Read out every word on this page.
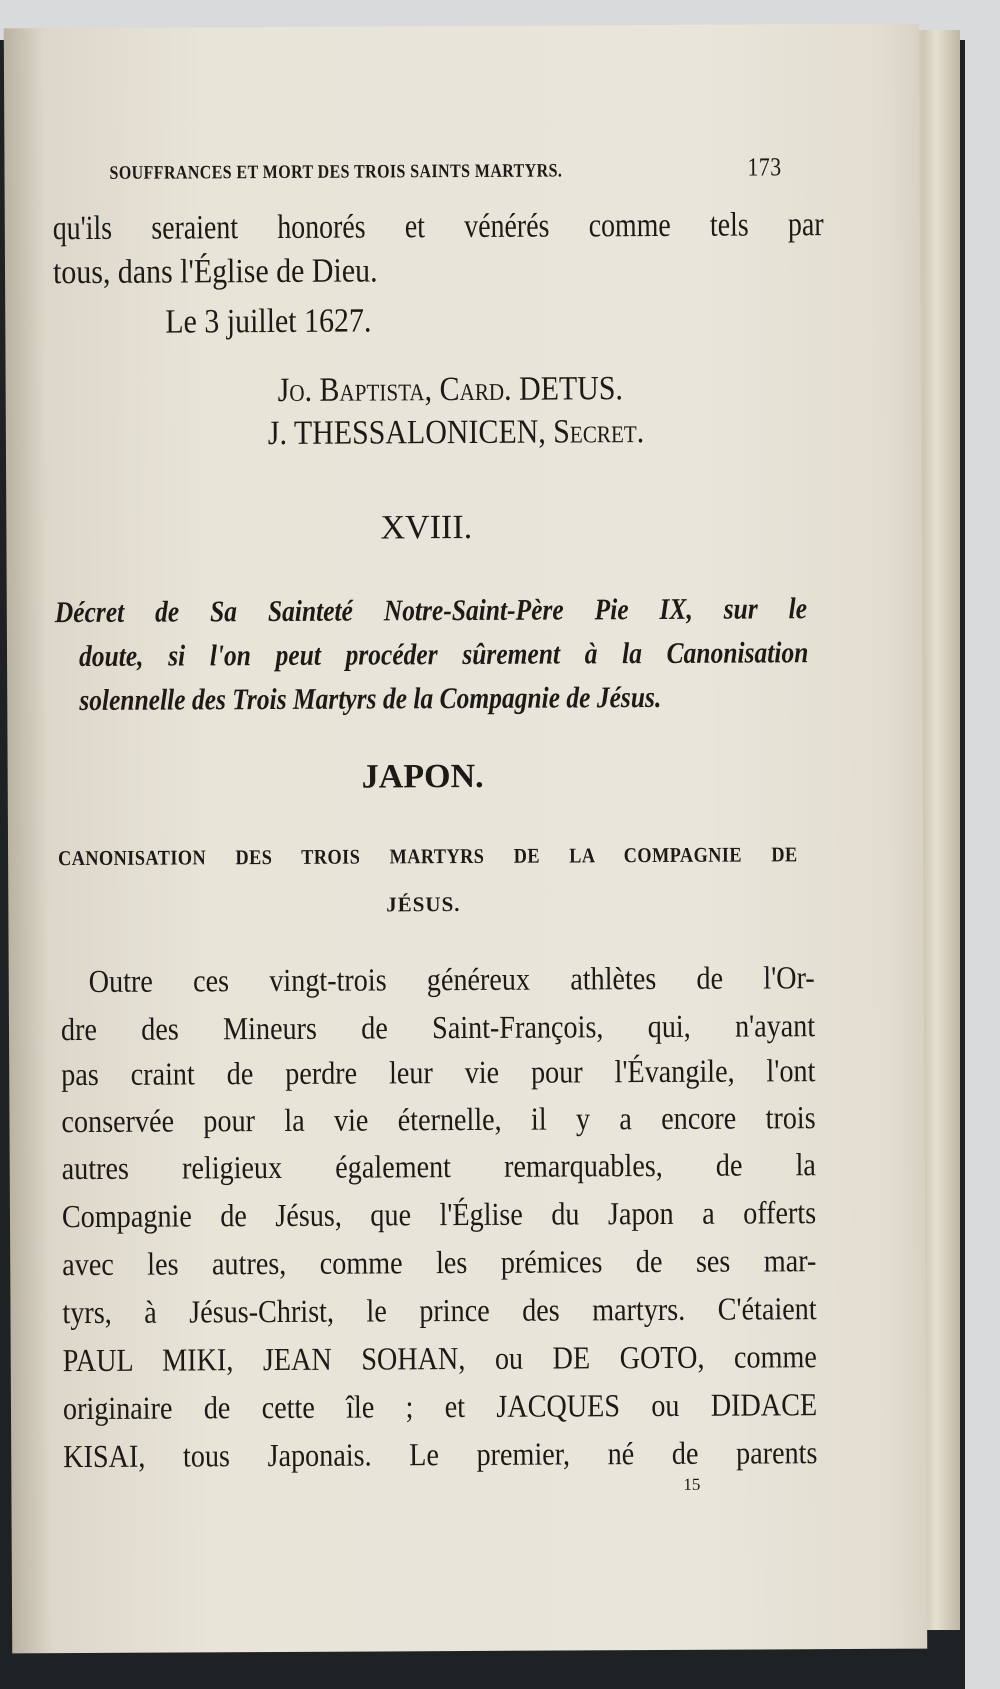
SOUFFRANCES ET MORT DES TROIS SAINTS MARTYRS.	173
qu'ils seraient honorés et vénérés comme tels par
tous, dans l'Église de Dieu.
Le 3 juillet 1627.
Jo. Baptista, Card. DETUS.
J. THESSALONICEN, Secret.
XVIII.
Décret de Sa Sainteté Notre-Saint-Père Pie IX, sur le
doute, si l'on peut procéder sûrement à la Canonisation
solennelle des Trois Martyrs de la Compagnie de Jésus.
JAPON.
CANONISATION DES TROIS MARTYRS DE LA COMPAGNIE DE
JÉSUS.
Outre ces vingt-trois généreux athlètes de l'Or-
dre des Mineurs de Saint-François, qui, n'ayant
pas craint de perdre leur vie pour l'Évangile, l'ont
conservée pour la vie éternelle, il y a encore trois
autres religieux également remarquables, de la
Compagnie de Jésus, que l'Église du Japon a offerts
avec les autres, comme les prémices de ses mar-
tyrs, à Jésus-Christ, le prince des martyrs. C'étaient
PAUL MIKI, JEAN SOHAN, ou DE GOTO, comme
originaire de cette île ; et JACQUES ou DIDACE
KISAI, tous Japonais. Le premier, né de parents
15
